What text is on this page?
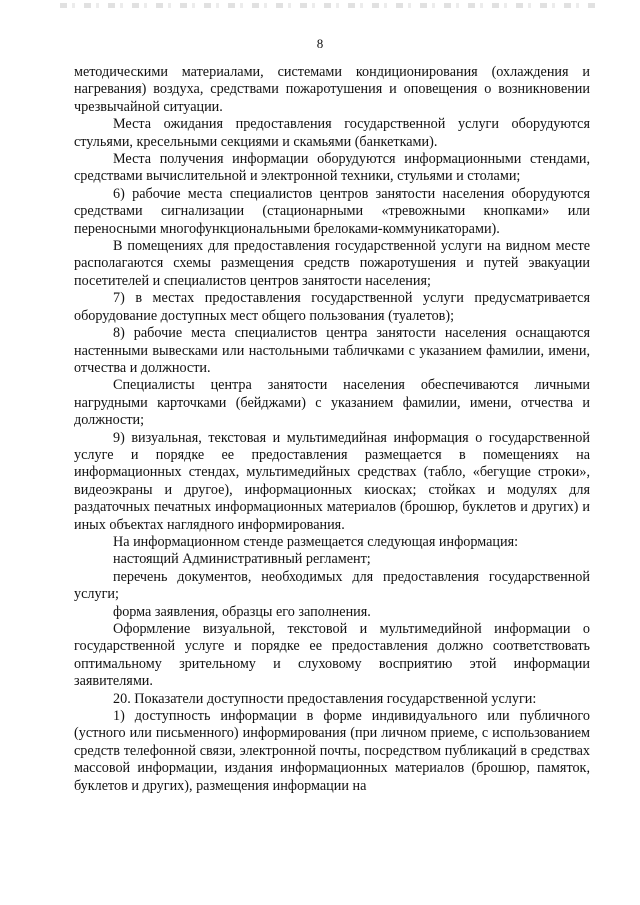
8

методическими материалами, системами кондиционирования (охлаждения и нагревания) воздуха, средствами пожаротушения и оповещения о возникновении чрезвычайной ситуации.

Места ожидания предоставления государственной услуги оборудуются стульями, кресельными секциями и скамьями (банкетками).

Места получения информации оборудуются информационными стендами, средствами вычислительной и электронной техники, стульями и столами;

6) рабочие места специалистов центров занятости населения оборудуются средствами сигнализации (стационарными «тревожными кнопками» или переносными многофункциональными брелоками-коммуникаторами).

В помещениях для предоставления государственной услуги на видном месте располагаются схемы размещения средств пожаротушения и путей эвакуации посетителей и специалистов центров занятости населения;

7) в местах предоставления государственной услуги предусматривается оборудование доступных мест общего пользования (туалетов);

8) рабочие места специалистов центра занятости населения оснащаются настенными вывесками или настольными табличками с указанием фамилии, имени, отчества и должности.

Специалисты центра занятости населения обеспечиваются личными нагрудными карточками (бейджами) с указанием фамилии, имени, отчества и должности;

9) визуальная, текстовая и мультимедийная информация о государственной услуге и порядке ее предоставления размещается в помещениях на информационных стендах, мультимедийных средствах (табло, «бегущие строки», видеоэкраны и другое), информационных киосках; стойках и модулях для раздаточных печатных информационных материалов (брошюр, буклетов и других) и иных объектах наглядного информирования.

На информационном стенде размещается следующая информация:

настоящий Административный регламент;

перечень документов, необходимых для предоставления государственной услуги;

форма заявления, образцы его заполнения.

Оформление визуальной, текстовой и мультимедийной информации о государственной услуге и порядке ее предоставления должно соответствовать оптимальному зрительному и слуховому восприятию этой информации заявителями.

20. Показатели доступности предоставления государственной услуги:

1) доступность информации в форме индивидуального или публичного (устного или письменного) информирования (при личном приеме, с использованием средств телефонной связи, электронной почты, посредством публикаций в средствах массовой информации, издания информационных материалов (брошюр, памяток, буклетов и других), размещения информации на
